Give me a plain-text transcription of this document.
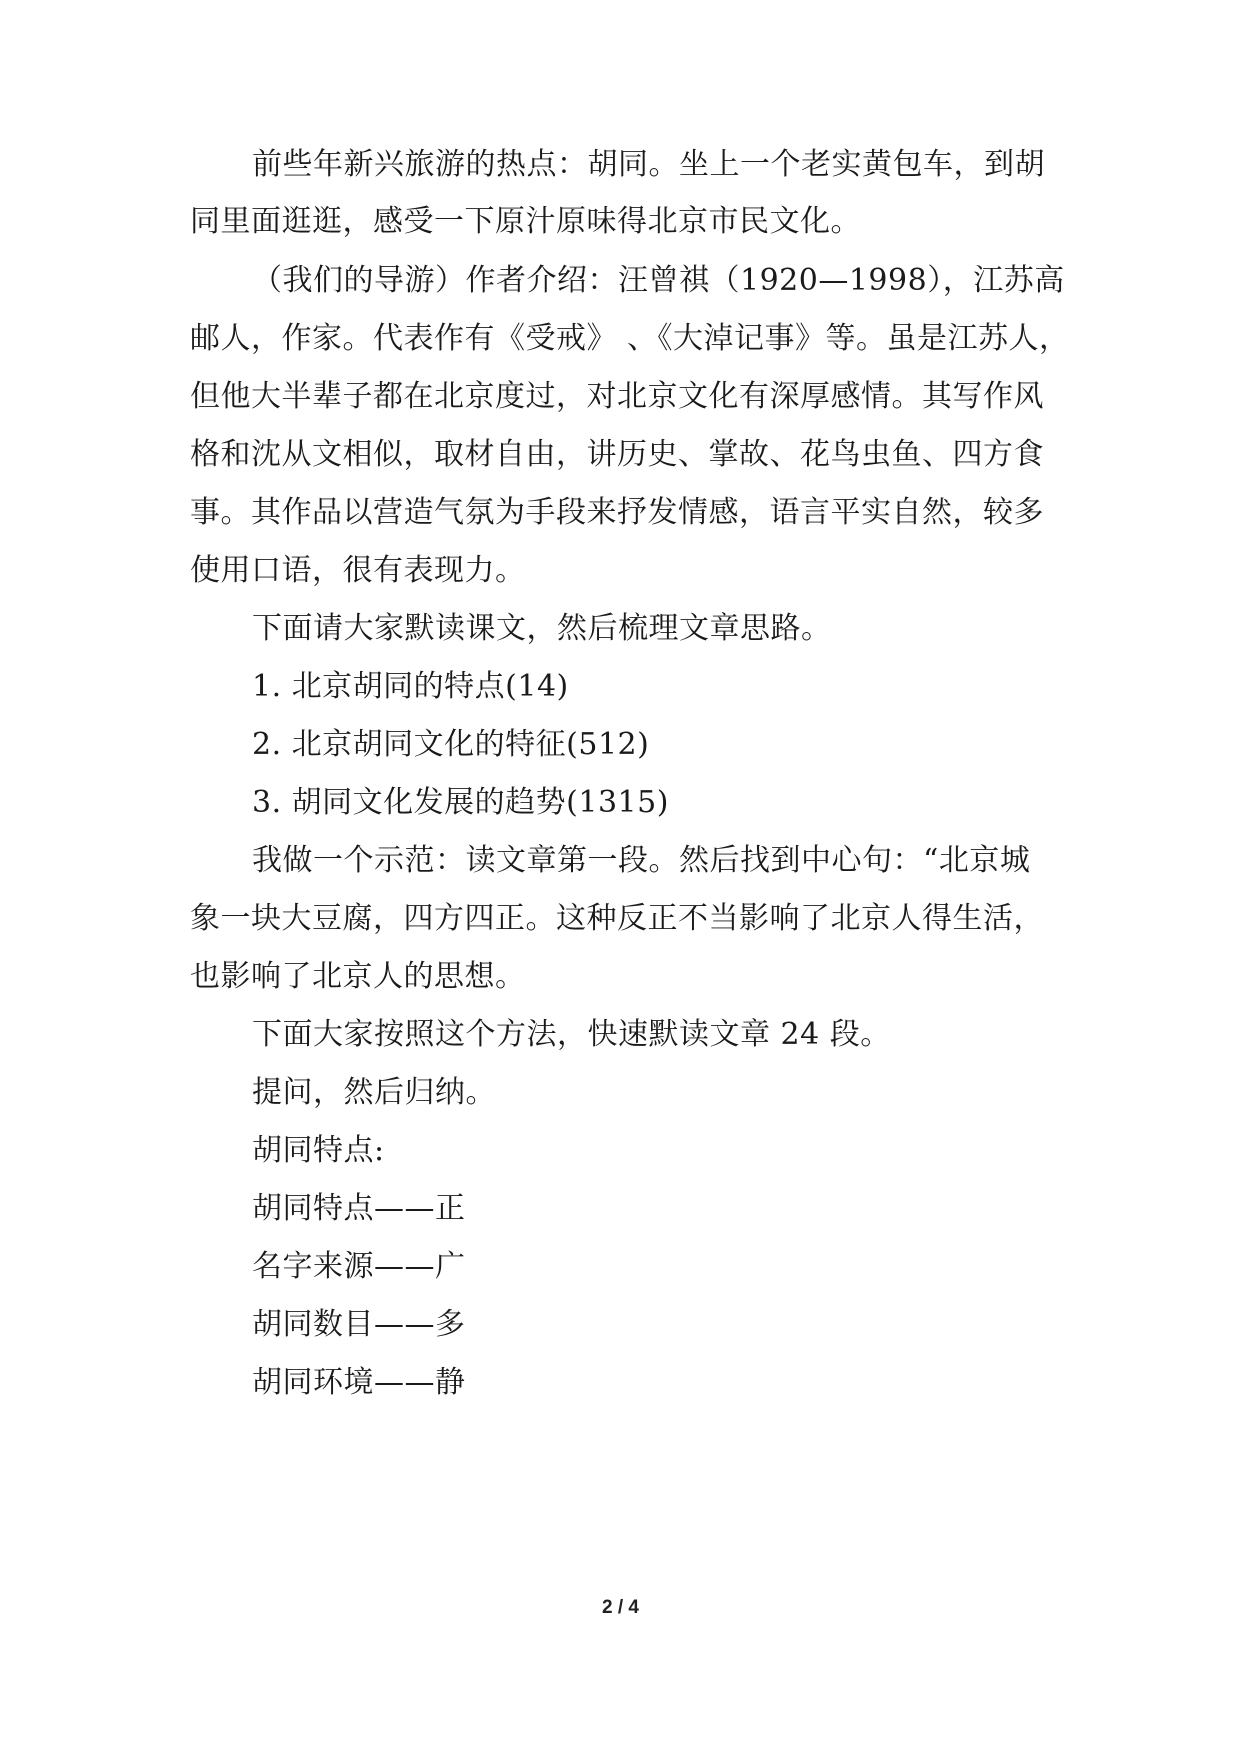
前些年新兴旅游的热点：胡同。坐上一个老实黄包车，到胡
同里面逛逛，感受一下原汁原味得北京市民文化。
（我们的导游）作者介绍：汪曾祺（1920—1998），江苏高
邮人，作家。代表作有《受戒》 、《大淖记事》等。虽是江苏人，
但他大半辈子都在北京度过，对北京文化有深厚感情。其写作风
格和沈从文相似，取材自由，讲历史、掌故、花鸟虫鱼、四方食
事。其作品以营造气氛为手段来抒发情感，语言平实自然，较多
使用口语，很有表现力。
下面请大家默读课文，然后梳理文章思路。
1. 北京胡同的特点(14)
2. 北京胡同文化的特征(512)
3. 胡同文化发展的趋势(1315)
我做一个示范：读文章第一段。然后找到中心句：“北京城
象一块大豆腐，四方四正。这种反正不当影响了北京人得生活，
也影响了北京人的思想。
下面大家按照这个方法，快速默读文章 24 段。
提问，然后归纳。
胡同特点:
胡同特点——正
名字来源——广
胡同数目——多
胡同环境——静
2 / 4
